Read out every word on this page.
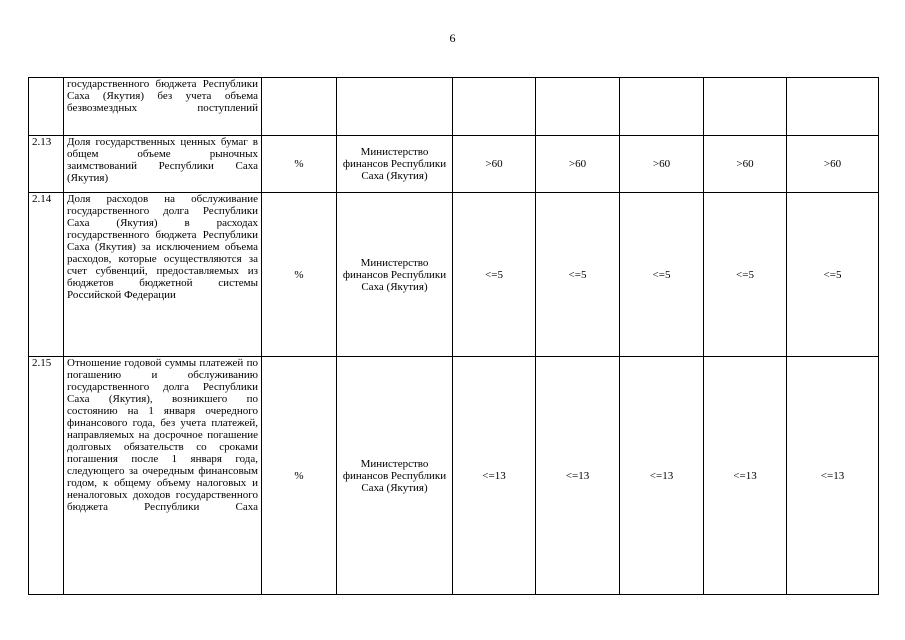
6
	государственного бюджета Республики Саха (Якутия) без учета объема безвозмездных поступлений							
2.13	Доля государственных ценных бумаг в общем объеме рыночных заимствований Республики Саха (Якутия)	%	Министерство финансов Республики Саха (Якутия)	>60	>60	>60	>60	>60
2.14	Доля расходов на обслуживание государственного долга Республики Саха (Якутия) в расходах государственного бюджета Республики Саха (Якутия) за исключением объема расходов, которые осуществляются за счет субвенций, предоставляемых из бюджетов бюджетной системы Российской Федерации	%	Министерство финансов Республики Саха (Якутия)	<=5	<=5	<=5	<=5	<=5
2.15	Отношение годовой суммы платежей по погашению и обслуживанию государственного долга Республики Саха (Якутия), возникшего по состоянию на 1 января очередного финансового года, без учета платежей, направляемых на досрочное погашение долговых обязательств со сроками погашения после 1 января года, следующего за очередным финансовым годом, к общему объему налоговых и неналоговых доходов государственного бюджета Республики Саха	%	Министерство финансов Республики Саха (Якутия)	<=13	<=13	<=13	<=13	<=13
